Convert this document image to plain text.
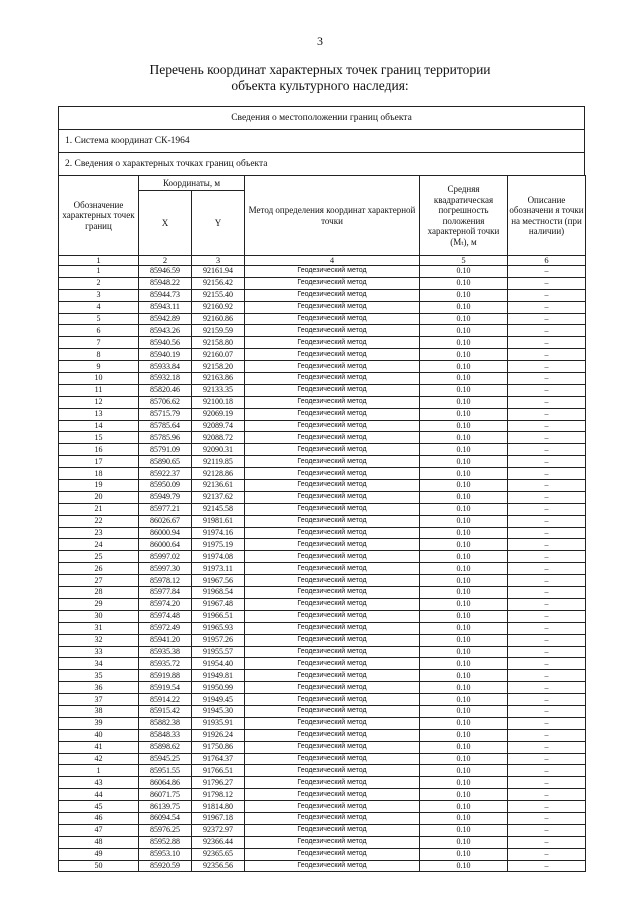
3
Перечень координат характерных точек границ территории
объекта культурного наследия:
Сведения о местоположении границ объекта
1. Система координат СК-1964
2. Сведения о характерных точках границ объекта
Обозначение характерных точек границ	Координаты, м		Метод определения координат характерной точки	Средняя квадратическая погрешность положения характерной точки (Mₜ), м	Описание обозначени я точки на местности (при наличии)
	X	Y			
1	2	3	4	5	6
1	85946.59	92161.94	Геодезический метод	0.10	–
2	85948.22	92156.42	Геодезический метод	0.10	–
3	85944.73	92155.40	Геодезический метод	0.10	–
4	85943.11	92160.92	Геодезический метод	0.10	–
5	85942.89	92160.86	Геодезический метод	0.10	–
6	85943.26	92159.59	Геодезический метод	0.10	–
7	85940.56	92158.80	Геодезический метод	0.10	–
8	85940.19	92160.07	Геодезический метод	0.10	–
9	85933.84	92158.20	Геодезический метод	0.10	–
10	85932.18	92163.86	Геодезический метод	0.10	–
11	85820.46	92133.35	Геодезический метод	0.10	–
12	85706.62	92100.18	Геодезический метод	0.10	–
13	85715.79	92069.19	Геодезический метод	0.10	–
14	85785.64	92089.74	Геодезический метод	0.10	–
15	85785.96	92088.72	Геодезический метод	0.10	–
16	85791.09	92090.31	Геодезический метод	0.10	–
17	85890.65	92119.85	Геодезический метод	0.10	–
18	85922.37	92128.86	Геодезический метод	0.10	–
19	85950.09	92136.61	Геодезический метод	0.10	–
20	85949.79	92137.62	Геодезический метод	0.10	–
21	85977.21	92145.58	Геодезический метод	0.10	–
22	86026.67	91981.61	Геодезический метод	0.10	–
23	86000.94	91974.16	Геодезический метод	0.10	–
24	86000.64	91975.19	Геодезический метод	0.10	–
25	85997.02	91974.08	Геодезический метод	0.10	–
26	85997.30	91973.11	Геодезический метод	0.10	–
27	85978.12	91967.56	Геодезический метод	0.10	–
28	85977.84	91968.54	Геодезический метод	0.10	–
29	85974.20	91967.48	Геодезический метод	0.10	–
30	85974.48	91966.51	Геодезический метод	0.10	–
31	85972.49	91965.93	Геодезический метод	0.10	–
32	85941.20	91957.26	Геодезический метод	0.10	–
33	85935.38	91955.57	Геодезический метод	0.10	–
34	85935.72	91954.40	Геодезический метод	0.10	–
35	85919.88	91949.81	Геодезический метод	0.10	–
36	85919.54	91950.99	Геодезический метод	0.10	–
37	85914.22	91949.45	Геодезический метод	0.10	–
38	85915.42	91945.30	Геодезический метод	0.10	–
39	85882.38	91935.91	Геодезический метод	0.10	–
40	85848.33	91926.24	Геодезический метод	0.10	–
41	85898.62	91750.86	Геодезический метод	0.10	–
42	85945.25	91764.37	Геодезический метод	0.10	–
1	85951.55	91766.51	Геодезический метод	0.10	–
43	86064.86	91796.27	Геодезический метод	0.10	–
44	86071.75	91798.12	Геодезический метод	0.10	–
45	86139.75	91814.80	Геодезический метод	0.10	–
46	86094.54	91967.18	Геодезический метод	0.10	–
47	85976.25	92372.97	Геодезический метод	0.10	–
48	85952.88	92366.44	Геодезический метод	0.10	–
49	85953.10	92365.65	Геодезический метод	0.10	–
50	85920.59	92356.56	Геодезический метод	0.10	–
